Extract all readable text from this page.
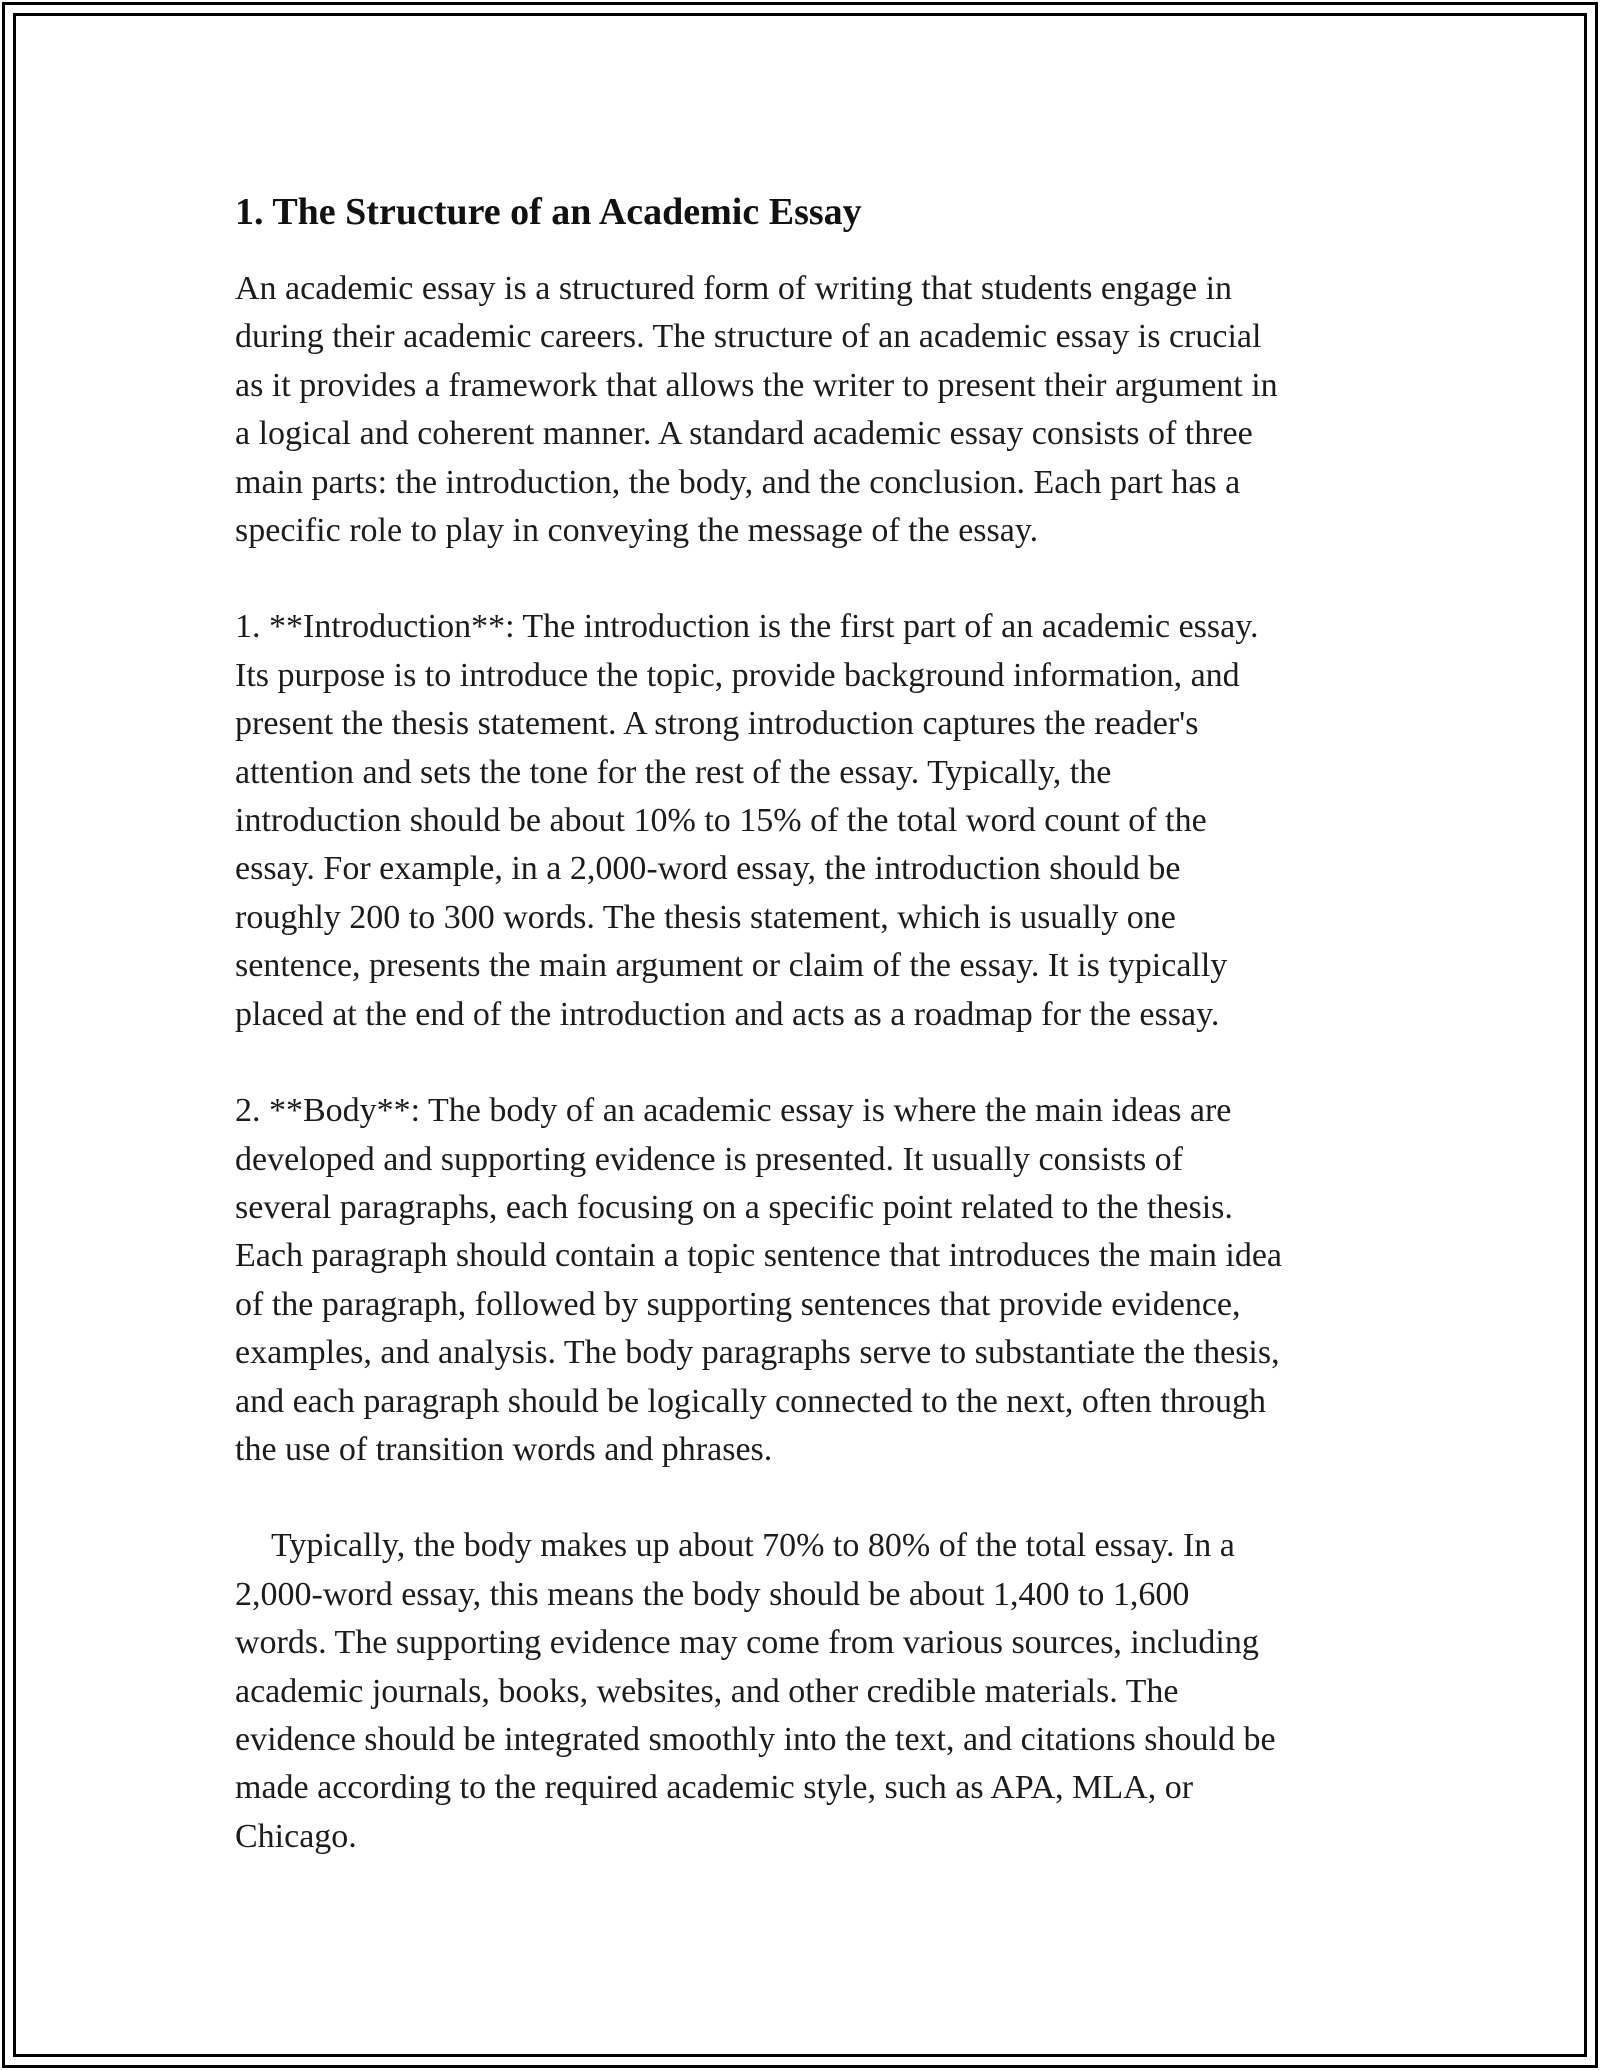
1. The Structure of an Academic Essay

An academic essay is a structured form of writing that students engage in
during their academic careers. The structure of an academic essay is crucial
as it provides a framework that allows the writer to present their argument in
a logical and coherent manner. A standard academic essay consists of three
main parts: the introduction, the body, and the conclusion. Each part has a
specific role to play in conveying the message of the essay.

1. **Introduction**: The introduction is the first part of an academic essay.
Its purpose is to introduce the topic, provide background information, and
present the thesis statement. A strong introduction captures the reader's
attention and sets the tone for the rest of the essay. Typically, the
introduction should be about 10% to 15% of the total word count of the
essay. For example, in a 2,000-word essay, the introduction should be
roughly 200 to 300 words. The thesis statement, which is usually one
sentence, presents the main argument or claim of the essay. It is typically
placed at the end of the introduction and acts as a roadmap for the essay.

2. **Body**: The body of an academic essay is where the main ideas are
developed and supporting evidence is presented. It usually consists of
several paragraphs, each focusing on a specific point related to the thesis.
Each paragraph should contain a topic sentence that introduces the main idea
of the paragraph, followed by supporting sentences that provide evidence,
examples, and analysis. The body paragraphs serve to substantiate the thesis,
and each paragraph should be logically connected to the next, often through
the use of transition words and phrases.

Typically, the body makes up about 70% to 80% of the total essay. In a
2,000-word essay, this means the body should be about 1,400 to 1,600
words. The supporting evidence may come from various sources, including
academic journals, books, websites, and other credible materials. The
evidence should be integrated smoothly into the text, and citations should be
made according to the required academic style, such as APA, MLA, or
Chicago.
